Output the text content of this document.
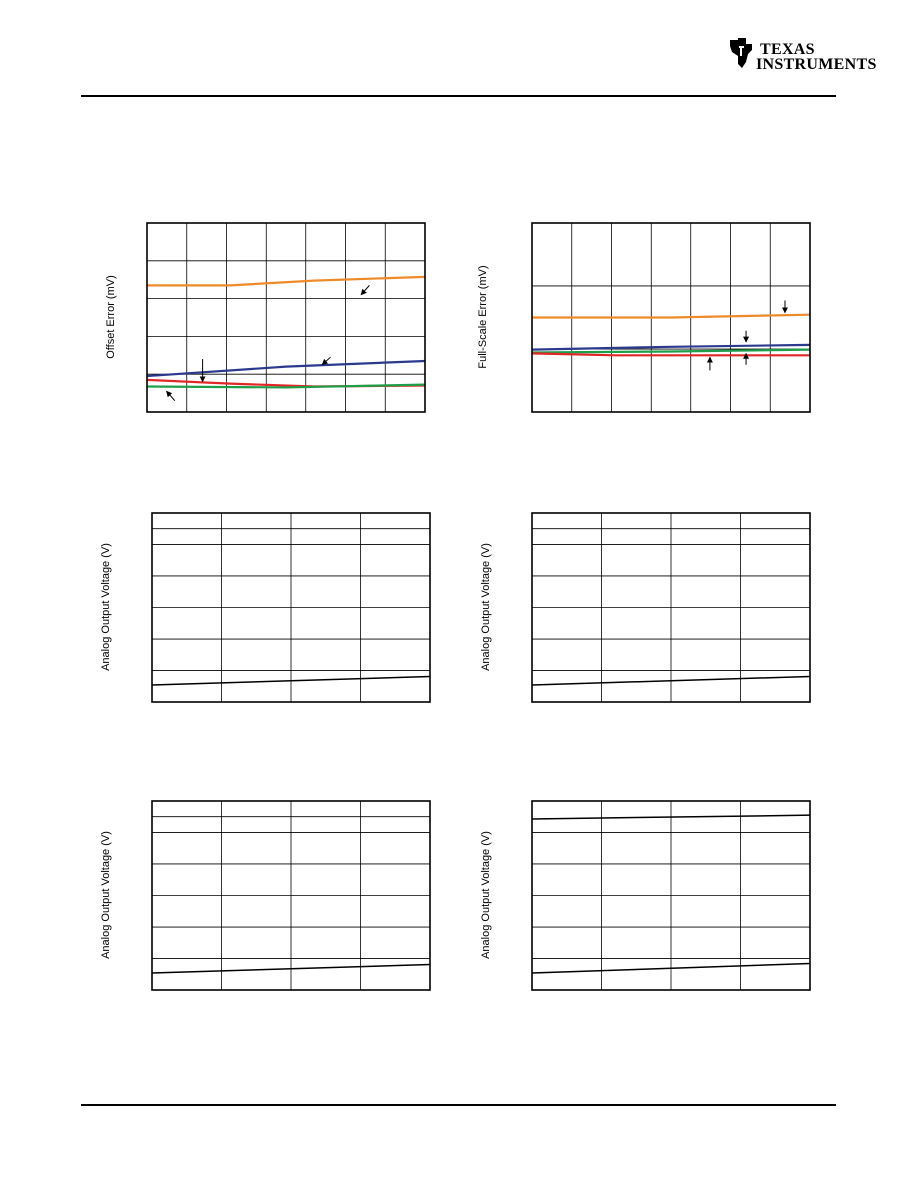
TEXAS
INSTRUMENTS
Offset Error (mV)	Full-Scale Error (mV)
Analog Output Voltage (V)	Analog Output Voltage (V)
Analog Output Voltage (V)	Analog Output Voltage (V)
